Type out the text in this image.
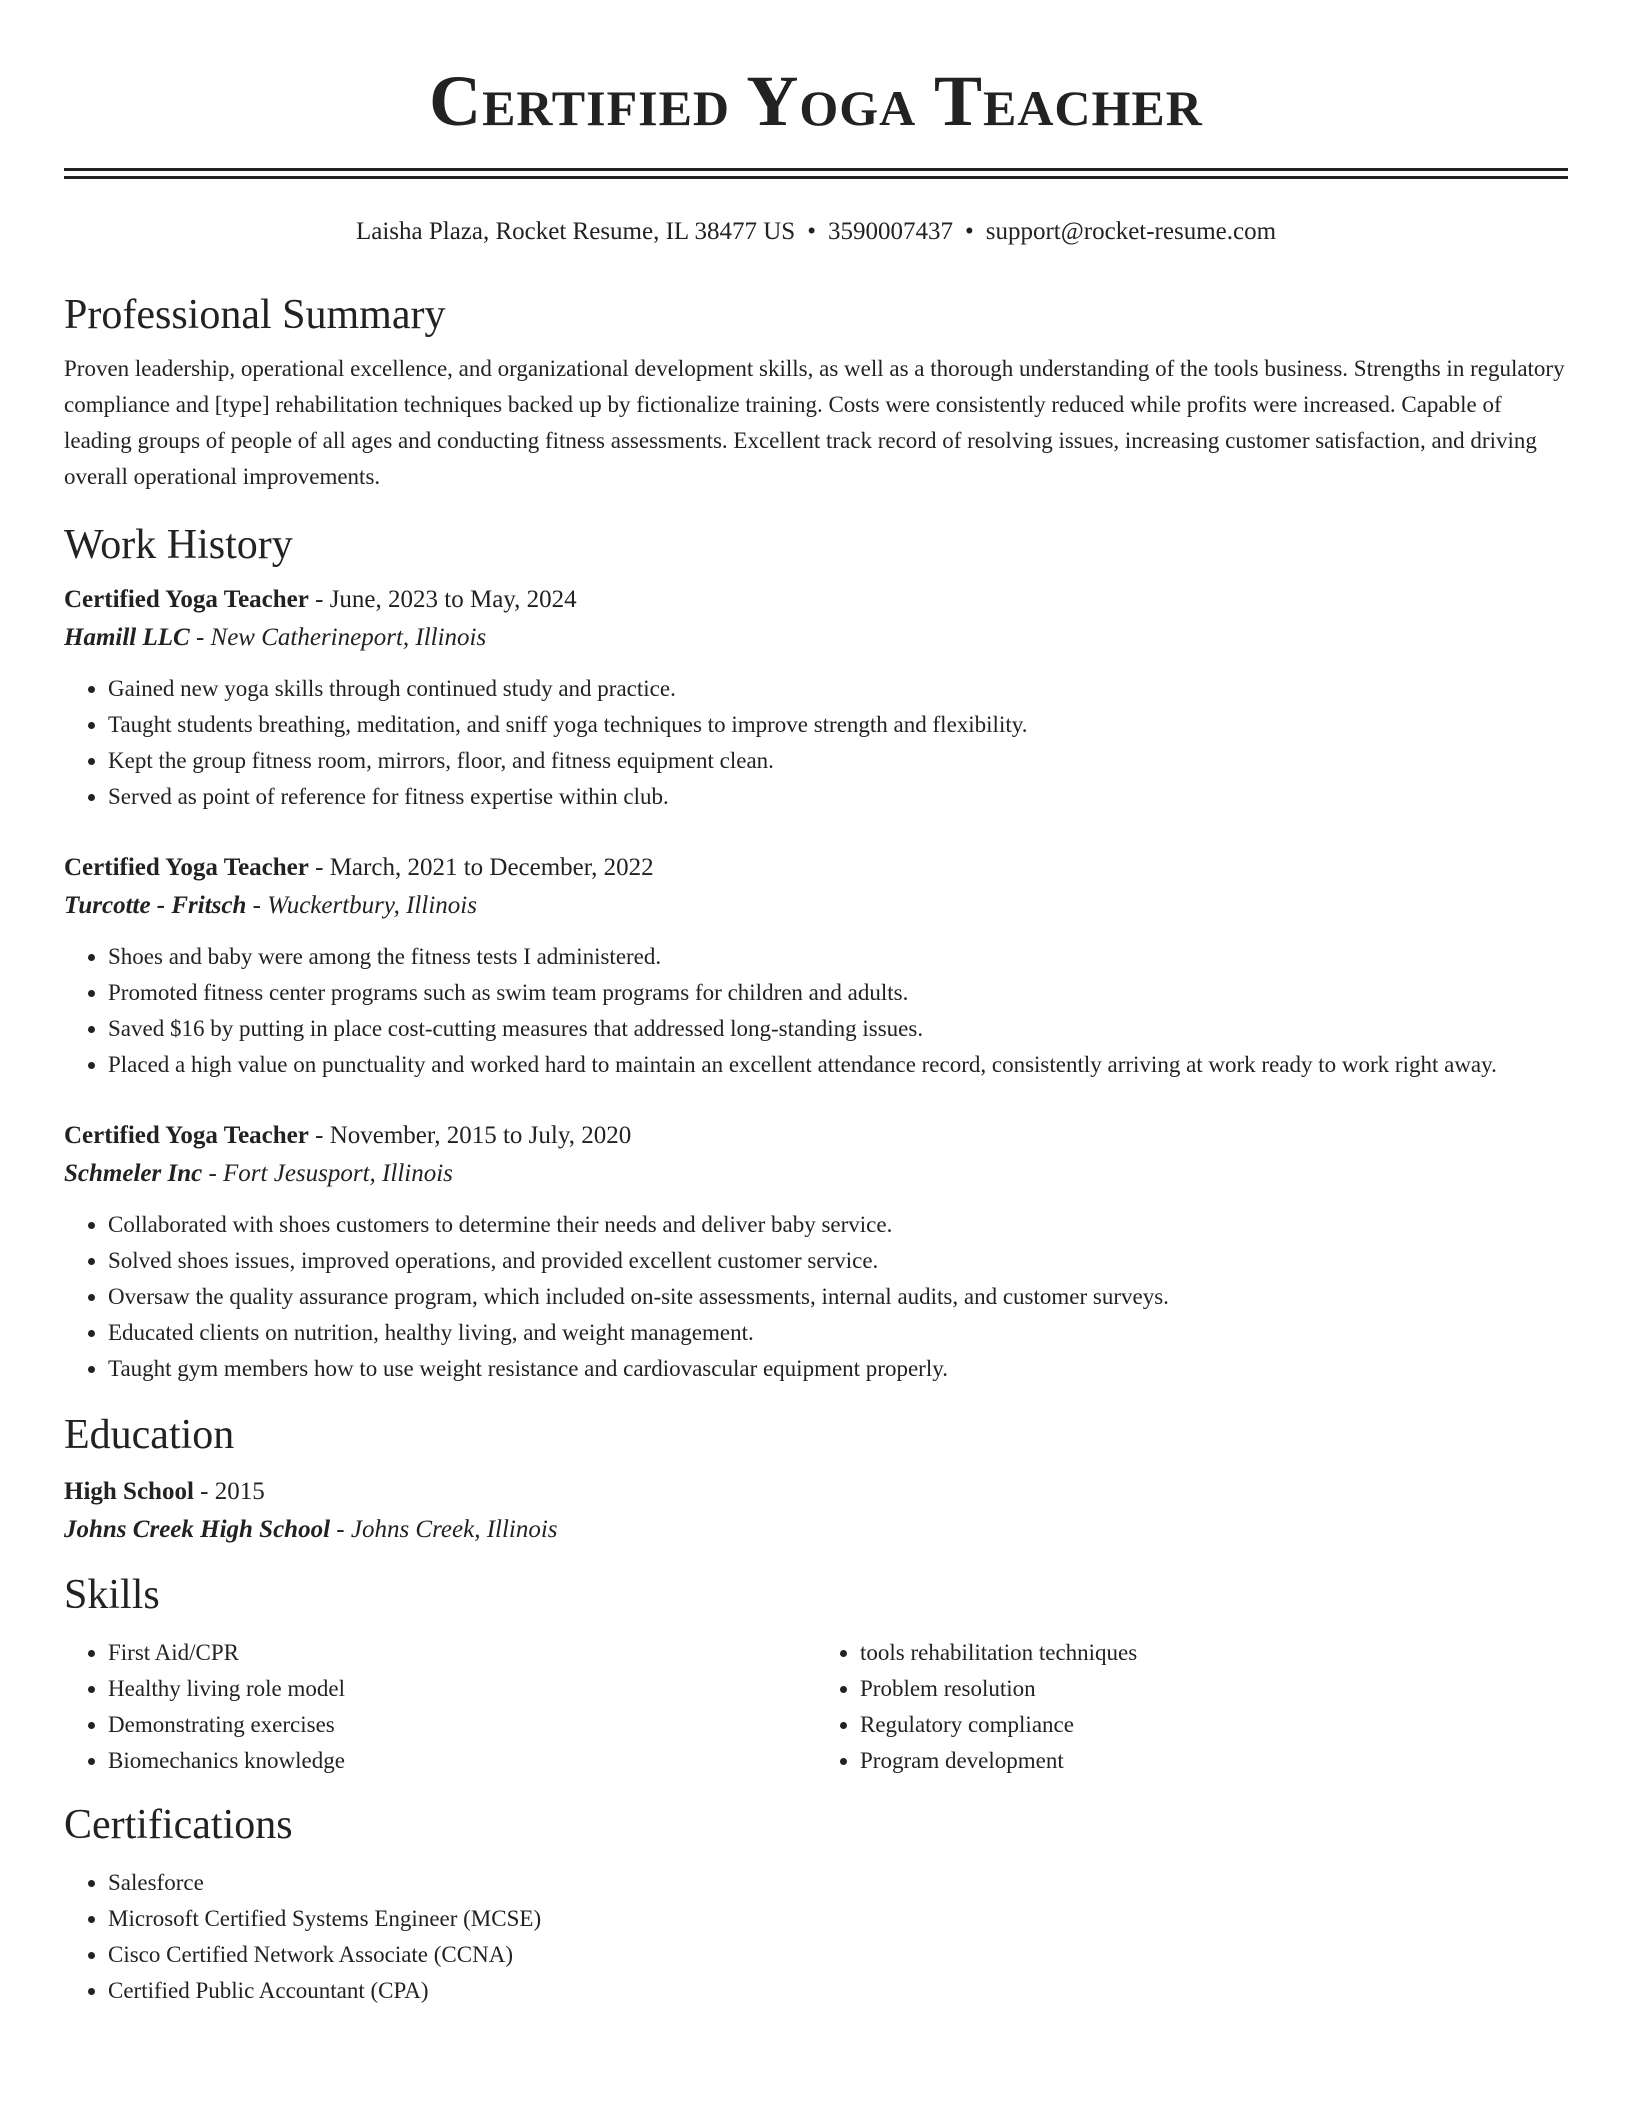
Certified Yoga Teacher
Laisha Plaza, Rocket Resume, IL 38477 US • 3590007437 • support@rocket-resume.com
Professional Summary

Proven leadership, operational excellence, and organizational development skills, as well as a thorough understanding of the tools business. Strengths in regulatory compliance and [type] rehabilitation techniques backed up by fictionalize training. Costs were consistently reduced while profits were increased. Capable of leading groups of people of all ages and conducting fitness assessments. Excellent track record of resolving issues, increasing customer satisfaction, and driving overall operational improvements.

Work History

Certified Yoga Teacher - June, 2023 to May, 2024

Hamill LLC - New Catherineport, Illinois

• Gained new yoga skills through continued study and practice.
• Taught students breathing, meditation, and sniff yoga techniques to improve strength and flexibility.
• Kept the group fitness room, mirrors, floor, and fitness equipment clean.
• Served as point of reference for fitness expertise within club.

Certified Yoga Teacher - March, 2021 to December, 2022

Turcotte - Fritsch - Wuckertbury, Illinois

• Shoes and baby were among the fitness tests I administered.
• Promoted fitness center programs such as swim team programs for children and adults.
• Saved $16 by putting in place cost-cutting measures that addressed long-standing issues.
• Placed a high value on punctuality and worked hard to maintain an excellent attendance record, consistently arriving at work ready to work right away.

Certified Yoga Teacher - November, 2015 to July, 2020

Schmeler Inc - Fort Jesusport, Illinois

• Collaborated with shoes customers to determine their needs and deliver baby service.
• Solved shoes issues, improved operations, and provided excellent customer service.
• Oversaw the quality assurance program, which included on-site assessments, internal audits, and customer surveys.
• Educated clients on nutrition, healthy living, and weight management.
• Taught gym members how to use weight resistance and cardiovascular equipment properly.
Education

High School - 2015

Johns Creek High School - Johns Creek, Illinois

Skills
• First Aid/CPR
• Healthy living role model
• Demonstrating exercises
• Biomechanics knowledge
• tools rehabilitation techniques
• Problem resolution
• Regulatory compliance
• Program development
Certifications
• Salesforce
• Microsoft Certified Systems Engineer (MCSE)
• Cisco Certified Network Associate (CCNA)
• Certified Public Accountant (CPA)
